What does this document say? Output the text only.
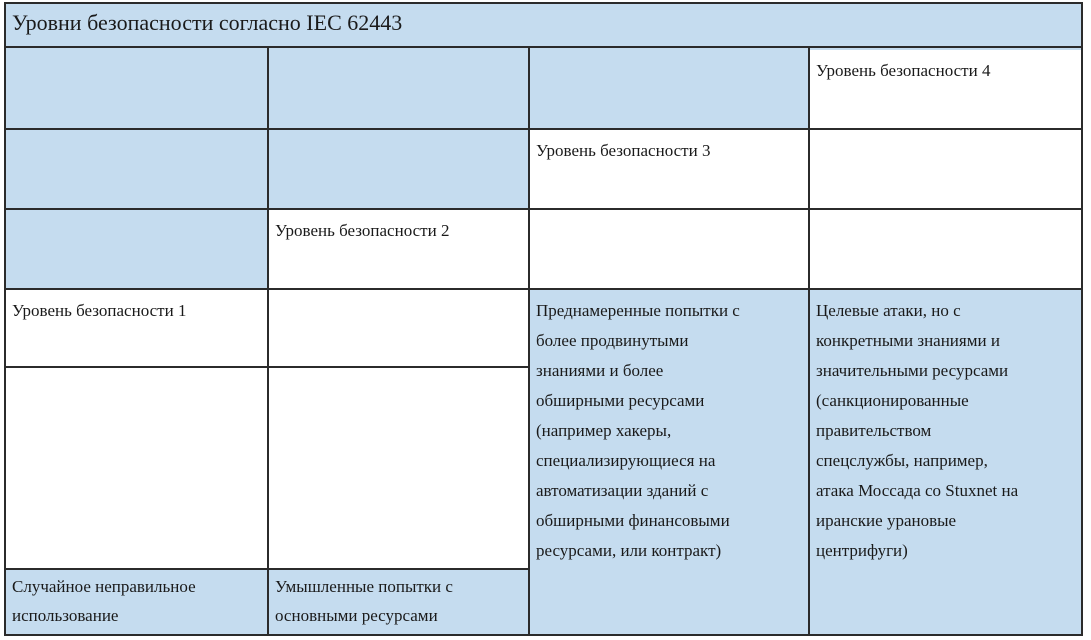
Уровни безопасности согласно IEC 62443
Уровень безопасности 4
Уровень безопасности 3
Уровень безопасности 2
Уровень безопасности 1	Преднамеренные попытки с
более продвинутыми
знаниями и более
обширными ресурсами
(например хакеры,
специализирующиеся на
автоматизации зданий с
обширными финансовыми
ресурсами, или контракт)
Целевые атаки, но с
конкретными знаниями и
значительными ресурсами
(санкционированные
правительством
спецслужбы, например,
атака Моссада со Stuxnet на
иранские урановые
центрифуги)
Случайное неправильное
использование
Умышленные попытки с
основными ресурсами
